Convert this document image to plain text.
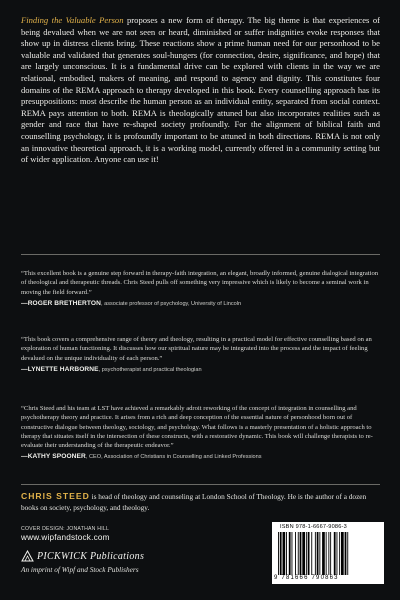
Finding the Valuable Person proposes a new form of therapy. The big theme is that experiences of being devalued when we are not seen or heard, diminished or suffer indignities evoke responses that show up in distress clients bring. These reactions show a prime human need for our personhood to be valuable and validated that generates soul-hungers (for connection, desire, significance, and hope) that are largely unconscious. It is a fundamental drive can be explored with clients in the way we are relational, embodied, makers of meaning, and respond to agency and dignity. This constitutes four domains of the REMA approach to therapy developed in this book. Every counselling approach has its presuppositions: most describe the human person as an individual entity, separated from social context. REMA pays attention to both. REMA is theologically attuned but also incorporates realities such as gender and race that have re-shaped society profoundly. For the alignment of biblical faith and counselling psychology, it is profoundly important to be attuned in both directions. REMA is not only an innovative theoretical approach, it is a working model, currently offered in a community setting but of wider application. Anyone can use it!
“This excellent book is a genuine step forward in therapy-faith integration, an elegant, broadly informed, genuine dialogical integration of theological and therapeutic threads. Chris Steed pulls off something very impressive which is likely to become a seminal work in moving the field forward.”
—ROGER BRETHERTON, associate professor of psychology, University of Lincoln
“This book covers a comprehensive range of theory and theology, resulting in a practical model for effective counselling based on an exploration of human functioning. It discusses how our spiritual nature may be integrated into the process and the impact of feeling devalued on the unique individuality of each person.”
—LYNETTE HARBORNE, psychotherapist and practical theologian
“Chris Steed and his team at LST have achieved a remarkably adroit reworking of the concept of integration in counselling and psychotherapy theory and practice. It arises from a rich and deep conception of the essential nature of personhood born out of constructive dialogue between theology, sociology, and psychology. What follows is a masterly presentation of a holistic approach to therapy that situates itself in the intersection of these constructs, with a restorative dynamic. This book will challenge therapists to re-evaluate their understanding of the therapeutic endeavor.”
—KATHY SPOONER, CEO, Association of Christians in Counselling and Linked Professions
CHRIS STEED is head of theology and counseling at London School of Theology. He is the author of a dozen books on society, psychology, and theology.
COVER DESIGN: JONATHAN HILL
www.wipfandstock.com
PICKWICK Publications
An imprint of Wipf and Stock Publishers
ISBN 978-1-6667-9086-3
9 781666 790863
